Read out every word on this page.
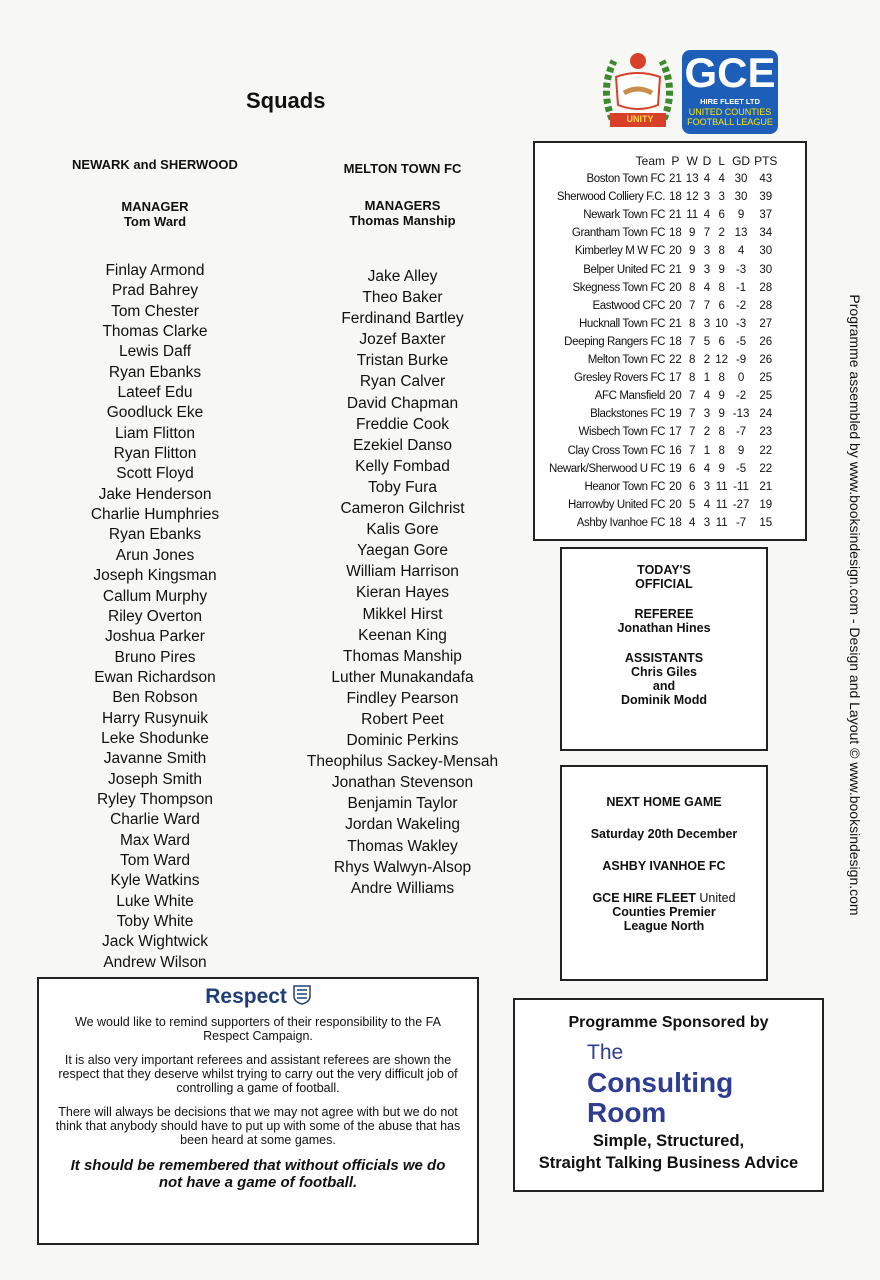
Squads
NEWARK and SHERWOOD
MANAGER
Tom Ward
Finlay Armond
Prad Bahrey
Tom Chester
Thomas Clarke
Lewis Daff
Ryan Ebanks
Lateef Edu
Goodluck Eke
Liam Flitton
Ryan Flitton
Scott Floyd
Jake Henderson
Charlie Humphries
Ryan Ebanks
Arun Jones
Joseph Kingsman
Callum Murphy
Riley Overton
Joshua Parker
Bruno Pires
Ewan Richardson
Ben Robson
Harry Rusynuik
Leke Shodunke
Javanne Smith
Joseph Smith
Ryley Thompson
Charlie Ward
Max Ward
Tom Ward
Kyle Watkins
Luke White
Toby White
Jack Wightwick
Andrew Wilson
MELTON TOWN FC
MANAGERS
Thomas Manship
Jake Alley
Theo Baker
Ferdinand Bartley
Jozef Baxter
Tristan Burke
Ryan Calver
David Chapman
Freddie Cook
Ezekiel Danso
Kelly Fombad
Toby Fura
Cameron Gilchrist
Kalis Gore
Yaegan Gore
William Harrison
Kieran Hayes
Mikkel Hirst
Keenan King
Thomas Manship
Luther Munakandafa
Findley Pearson
Robert Peet
Dominic Perkins
Theophilus Sackey-Mensah
Jonathan Stevenson
Benjamin Taylor
Jordan Wakeling
Thomas Wakley
Rhys Walwyn-Alsop
Andre Williams
UNITY
GCE
HIRE FLEET LTD
UNITED COUNTIES
FOOTBALL LEAGUE
Team	P	W	D	L	GD	PTS
Boston Town FC	21	13	4	4	30	43
Sherwood Colliery F.C.	18	12	3	3	30	39
Newark Town FC	21	11	4	6	9	37
Grantham Town FC	18	9	7	2	13	34
Kimberley M W FC	20	9	3	8	4	30
Belper United FC	21	9	3	9	-3	30
Skegness Town FC	20	8	4	8	-1	28
Eastwood CFC	20	7	7	6	-2	28
Hucknall Town FC	21	8	3	10	-3	27
Deeping Rangers FC	18	7	5	6	-5	26
Melton Town FC	22	8	2	12	-9	26
Gresley Rovers FC	17	8	1	8	0	25
AFC Mansfield	20	7	4	9	-2	25
Blackstones FC	19	7	3	9	-13	24
Wisbech Town FC	17	7	2	8	-7	23
Clay Cross Town FC	16	7	1	8	9	22
Newark/Sherwood U FC	19	6	4	9	-5	22
Heanor Town FC	20	6	3	11	-11	21
Harrowby United FC	20	5	4	11	-27	19
Ashby Ivanhoe FC	18	4	3	11	-7	15
TODAY'S
OFFICIAL
REFEREE
Jonathan Hines
ASSISTANTS
Chris Giles
and
Dominik Modd
NEXT HOME GAME
Saturday 20th December
ASHBY IVANHOE FC
GCE HIRE FLEET United
Counties Premier
League North
Respect
We would like to remind supporters of their responsibility to the FA Respect Campaign.
It is also very important referees and assistant referees are shown the respect that they deserve whilst trying to carry out the very difficult job of controlling a game of football.
There will always be decisions that we may not agree with but we do not think that anybody should have to put up with some of the abuse that has been heard at some games.
It should be remembered that without officials we do not have a game of football.
Programme Sponsored by
The
Consulting
Room
Simple, Structured,
Straight Talking Business Advice
Programme assembled by www.booksindesign.com - Design and Layout © www.booksindesign.com
